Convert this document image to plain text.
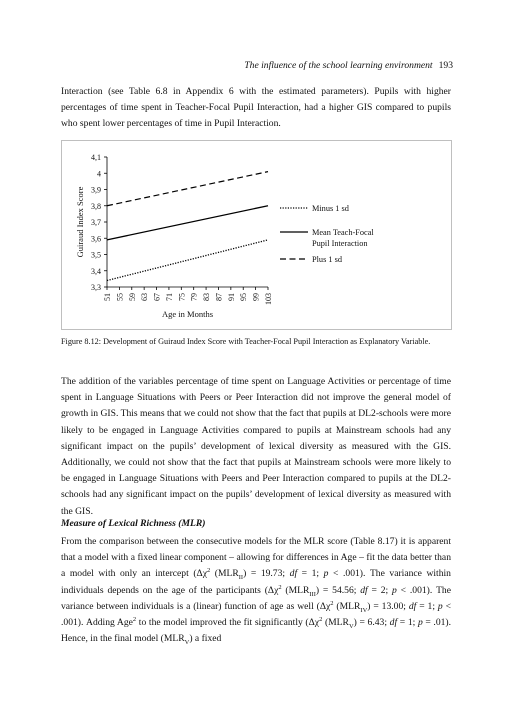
The influence of the school learning environment 193

Interaction (see Table 6.8 in Appendix 6 with the estimated parameters). Pupils with higher percentages of time spent in Teacher-Focal Pupil Interaction, had a higher GIS compared to pupils who spent lower percentages of time in Pupil Interaction.

3,3
3,4
3,5
3,6
3,7
3,8
3,9
4
4,1
51 55 59 63 67 71 75 79 83 87 91 95 99 103
Age in Months
Guiraud Index Score	Minus 1 sd
Mean Teach-Focal Pupil Interaction
Plus 1 sd

Figure 8.12: Development of Guiraud Index Score with Teacher-Focal Pupil Interaction as Explanatory Variable.

The addition of the variables percentage of time spent on Language Activities or percentage of time spent in Language Situations with Peers or Peer Interaction did not improve the general model of growth in GIS. This means that we could not show that the fact that pupils at DL2-schools were more likely to be engaged in Language Activities compared to pupils at Mainstream schools had any significant impact on the pupils’ development of lexical diversity as measured with the GIS. Additionally, we could not show that the fact that pupils at Mainstream schools were more likely to be engaged in Language Situations with Peers and Peer Interaction compared to pupils at the DL2-schools had any significant impact on the pupils’ development of lexical diversity as measured with the GIS.

Measure of Lexical Richness (MLR)

From the comparison between the consecutive models for the MLR score (Table 8.17) it is apparent that a model with a fixed linear component – allowing for differences in Age – fit the data better than a model with only an intercept ($\Delta\chi^2$ $(MLR_{II}) = 19.73$; df = 1; p < .001). The variance within individuals depends on the age of the participants ($\Delta\chi^2$ $(MLR_{III}) = 54.56$; df = 2; p < .001). The variance between individuals is a (linear) function of age as well ($\Delta\chi^2$ $(MLR_{IV}) = 13.00$; df = 1; p < .001). Adding Age$^2$ to the model improved the fit significantly ($\Delta\chi^2$ $(MLR_V) = 6.43$; df = 1; p = .01). Hence, in the final model $(MLR_V)$ a fixed
